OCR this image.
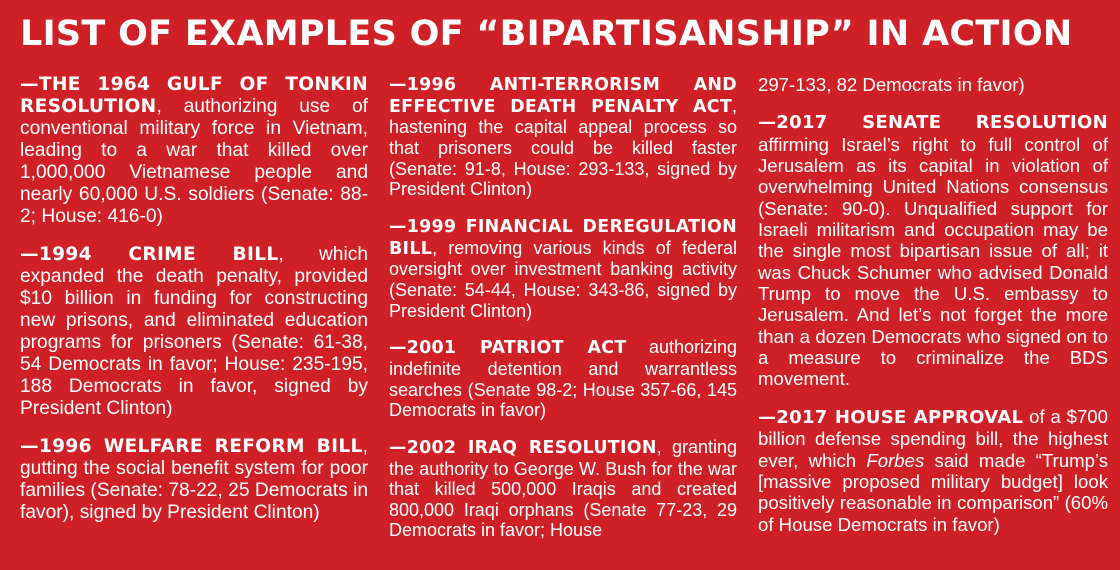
LIST OF EXAMPLES OF “BIPARTISANSHIP” IN ACTION

—THE 1964 GULF OF TONKIN RESOLUTION, authorizing use of conventional military force in Vietnam, leading to a war that killed over 1,000,000 Vietnamese people and nearly 60,000 U.S. soldiers (Senate: 88-2; House: 416-0)

—1994 CRIME BILL, which expanded the death penalty, provided $10 billion in funding for constructing new prisons, and eliminated education programs for prisoners (Senate: 61-38, 54 Democrats in favor; House: 235-195, 188 Democrats in favor, signed by President Clinton)

—1996 WELFARE REFORM BILL, gutting the social benefit system for poor families (Senate: 78-22, 25 Democrats in favor), signed by President Clinton)

—1996 ANTI-TERRORISM AND EFFECTIVE DEATH PENALTY ACT, hastening the capital appeal process so that prisoners could be killed faster (Senate: 91-8, House: 293-133, signed by President Clinton)

—1999 FINANCIAL DEREGULATION BILL, removing various kinds of federal oversight over investment banking activity (Senate: 54-44, House: 343-86, signed by President Clinton)

—2001 PATRIOT ACT authorizing indefinite detention and warrantless searches (Senate 98-2; House 357-66, 145 Democrats in favor)

—2002 IRAQ RESOLUTION, granting the authority to George W. Bush for the war that killed 500,000 Iraqis and created 800,000 Iraqi orphans (Senate 77-23, 29 Democrats in favor; House

297-133, 82 Democrats in favor)

—2017 SENATE RESOLUTION affirming Israel’s right to full control of Jerusalem as its capital in violation of overwhelming United Nations consensus (Senate: 90-0). Unqualified support for Israeli militarism and occupation may be the single most bipartisan issue of all; it was Chuck Schumer who advised Donald Trump to move the U.S. embassy to Jerusalem. And let’s not forget the more than a dozen Democrats who signed on to a measure to criminalize the BDS movement.

—2017 HOUSE APPROVAL of a $700 billion defense spending bill, the highest ever, which Forbes said made “Trump’s [massive proposed military budget] look positively reasonable in comparison” (60% of House Democrats in favor)
